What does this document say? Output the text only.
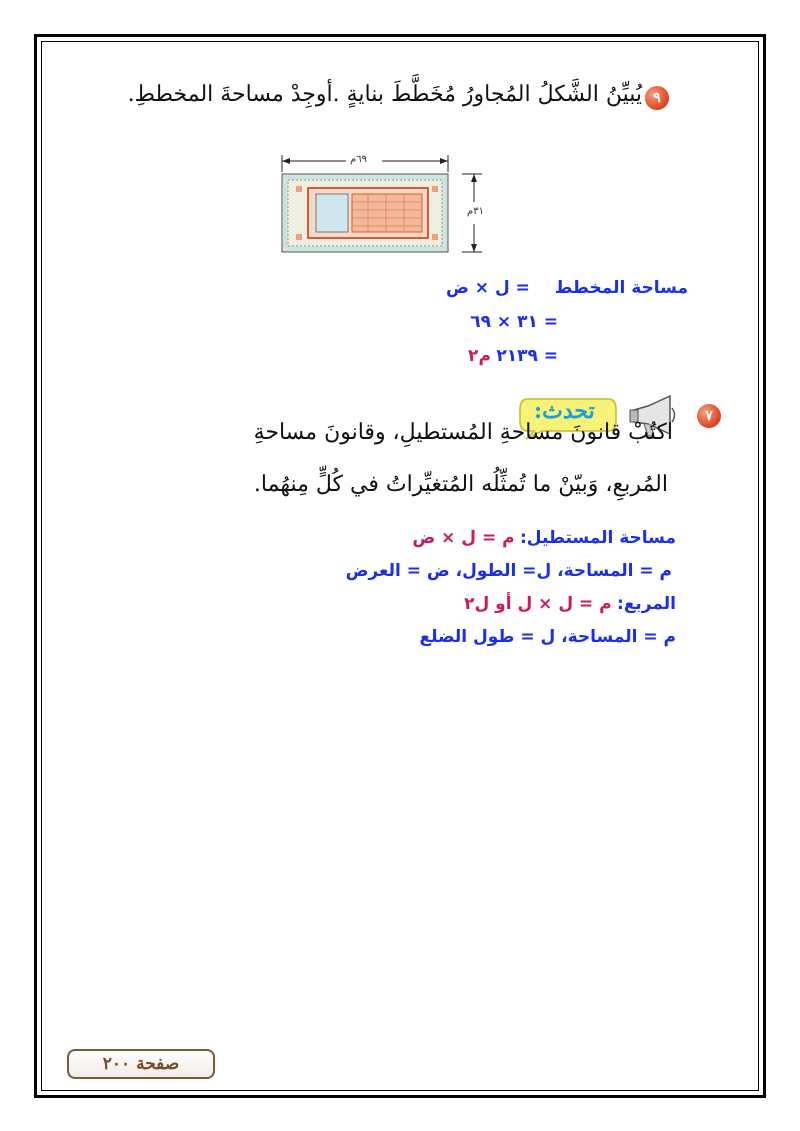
٩
يُبيِّنُ الشَّكلُ المُجاورُ مُخَطَّطَ بنايةٍ .أوجِدْ مساحةَ المخططِ.
٦٩م
٣١م
مساحة المخطط  = ل × ض
= ٣١ × ٦٩
= ٢١٣٩ م٢
٧
تحدث:
اكتُبْ قانونَ مساحةِ المُستطيلِ، وقانونَ مساحةِ
المُربعِ، وَبيّنْ ما تُمثِّلُه المُتغيِّراتُ في كُلٍّ مِنهُما.
مساحة المستطيل: م = ل × ض
م = المساحة، ل= الطول، ض = العرض
المربع: م = ل × ل أو ل٢
م = المساحة، ل = طول الضلع
صفحة ٢٠٠
